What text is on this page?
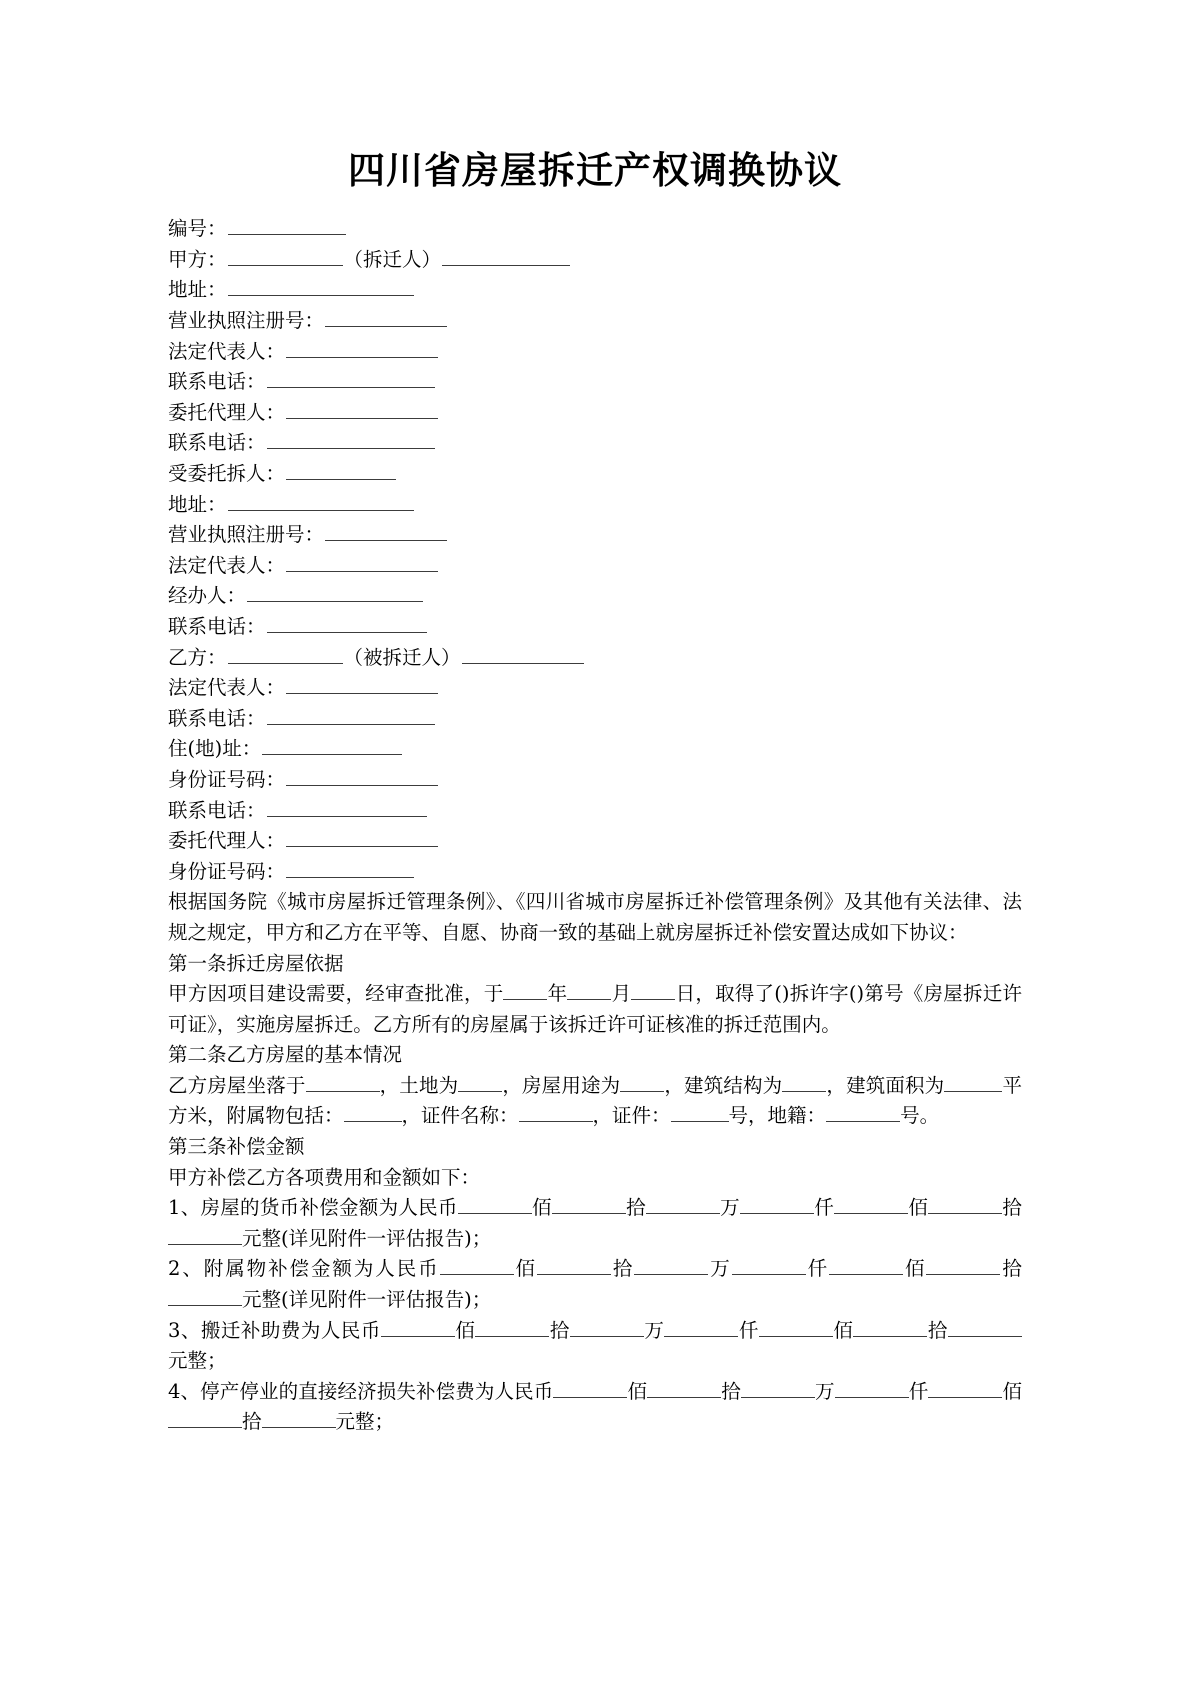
四川省房屋拆迁产权调换协议
编号：
甲方：	（拆迁人）
地址：
营业执照注册号：
法定代表人：
联系电话：
委托代理人：
联系电话：
受委托拆人：
地址：
营业执照注册号：
法定代表人：
经办人：
联系电话：
乙方：	（被拆迁人）
法定代表人：
联系电话：
住(地)址：
身份证号码：
联系电话：
委托代理人：
身份证号码：

根据国务院《城市房屋拆迁管理条例》、《四川省城市房屋拆迁补偿管理条例》及其他有关法律、法规之规定，甲方和乙方在平等、自愿、协商一致的基础上就房屋拆迁补偿安置达成如下协议：

第一条拆迁房屋依据

甲方因项目建设需要，经审查批准，于 年 月 日，取得了()拆许字()第号《房屋拆迁许可证》，实施房屋拆迁。乙方所有的房屋属于该拆迁许可证核准的拆迁范围内。

第二条乙方房屋的基本情况

乙方房屋坐落于	，土地为 ，房屋用途为 ，建筑结构为 ，建筑面积为	平方米，附属物包括：	，证件名称：	，证件：	号，地籍：	号。

第三条补偿金额

甲方补偿乙方各项费用和金额如下：

1、房屋的货币补偿金额为人民币	佰	拾	万	仟	佰	拾元整(详见附件一评估报告)；

2、附属物补偿金额为人民币	佰	拾	万	仟	佰	拾元整(详见附件一评估报告)；

3、搬迁补助费为人民币	佰	拾	万	仟	佰	拾元整；

4、停产停业的直接经济损失补偿费为人民币	佰	拾	万	仟	佰拾	元整；
